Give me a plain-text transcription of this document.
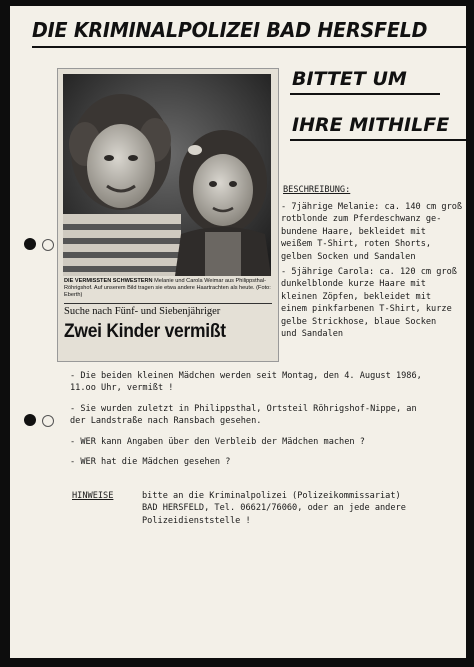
DIE KRIMINALPOLIZEI BAD HERSFELD
BITTET UM
IHRE MITHILFE
DIE VERMISSTEN SCHWESTERN Melanie und Carola Weimar aus Philippsthal-Röhrigshof. Auf unserem Bild tragen sie etwa andere Haartrachten als heute. (Foto: Eberth)
Suche nach Fünf- und Siebenjähriger
Zwei Kinder vermißt
BESCHREIBUNG:
- 7jährige Melanie: ca. 140 cm groß
rotblonde zum Pferdeschwanz ge-
bundene Haare, bekleidet mit
weißem T-Shirt, roten Shorts,
gelben Socken und Sandalen
- 5jährige Carola: ca. 120 cm groß
dunkelblonde kurze Haare mit
kleinen Zöpfen, bekleidet mit
einem pinkfarbenen T-Shirt, kurze
gelbe Strickhose, blaue Socken
und Sandalen
- Die beiden kleinen Mädchen werden seit Montag, den 4. August 1986,
11.oo Uhr, vermißt !
- Sie wurden zuletzt in Philippsthal, Ortsteil Röhrigshof-Nippe, an
der Landstraße nach Ransbach gesehen.
- WER kann Angaben über den Verbleib der Mädchen machen ?
- WER hat die Mädchen gesehen ?
HINWEISE	bitte an die Kriminalpolizei (Polizeikommissariat)
BAD HERSFELD, Tel. 06621/76060, oder an jede andere
Polizeidienststelle !
